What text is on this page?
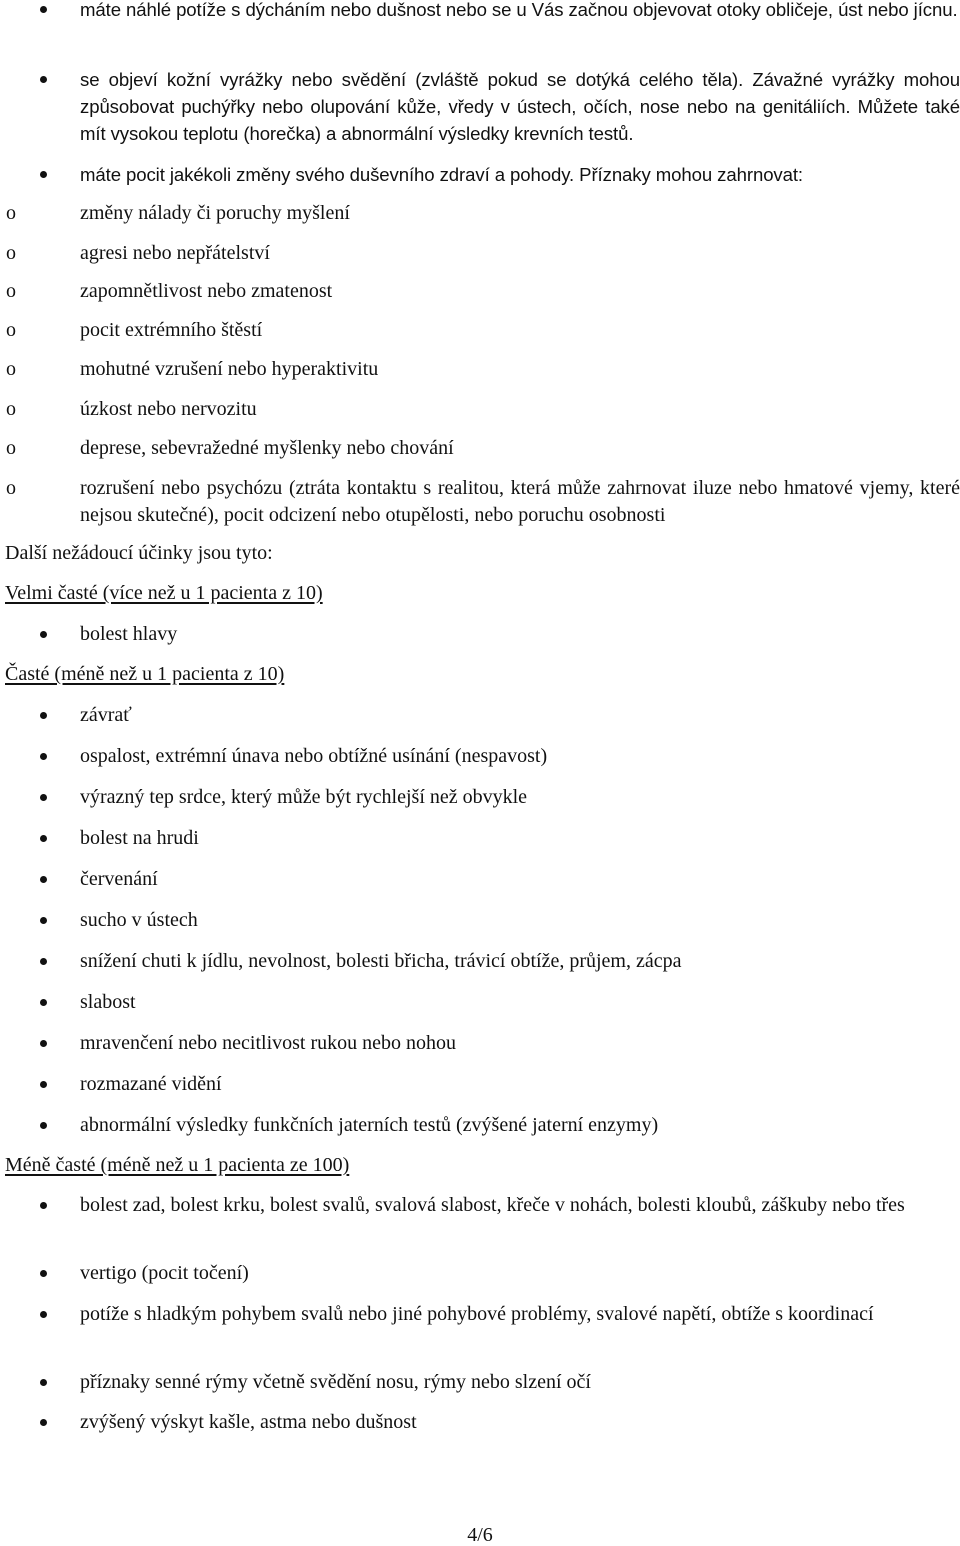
máte náhlé potíže s dýcháním nebo dušnost nebo se u Vás začnou objevovat otoky obličeje, úst nebo jícnu.
se objeví kožní vyrážky nebo svědění (zvláště pokud se dotýká celého těla). Závažné vyrážky mohou způsobovat puchýřky nebo olupování kůže, vředy v ústech, očích, nose nebo na genitáliích. Můžete také mít vysokou teplotu (horečka) a abnormální výsledky krevních testů.
máte pocit jakékoli změny svého duševního zdraví a pohody. Příznaky mohou zahrnovat:
o	změny nálady či poruchy myšlení
o	agresi nebo nepřátelství
o	zapomnětlivost nebo zmatenost
o	pocit extrémního štěstí
o	mohutné vzrušení nebo hyperaktivitu
o	úzkost nebo nervozitu
o	deprese, sebevražedné myšlenky nebo chování
o	rozrušení nebo psychózu (ztráta kontaktu s realitou, která může zahrnovat iluze nebo hmatové vjemy, které nejsou skutečné), pocit odcizení nebo otupělosti, nebo poruchu osobnosti
Další nežádoucí účinky jsou tyto:
Velmi časté (více než u 1 pacienta z 10)
bolest hlavy
Časté (méně než u 1 pacienta z 10)
závrať
ospalost, extrémní únava nebo obtížné usínání (nespavost)
výrazný tep srdce, který může být rychlejší než obvykle
bolest na hrudi
červenání
sucho v ústech
snížení chuti k jídlu, nevolnost, bolesti břicha, trávicí obtíže, průjem, zácpa
slabost
mravenčení nebo necitlivost rukou nebo nohou
rozmazané vidění
abnormální výsledky funkčních jaterních testů (zvýšené jaterní enzymy)
Méně časté (méně než u 1 pacienta ze 100)
bolest zad, bolest krku, bolest svalů, svalová slabost, křeče v nohách, bolesti kloubů, záškuby nebo třes
vertigo (pocit točení)
potíže s hladkým pohybem svalů nebo jiné pohybové problémy, svalové napětí, obtíže s koordinací
příznaky senné rýmy včetně svědění nosu, rýmy nebo slzení očí
zvýšený výskyt kašle, astma nebo dušnost
4/6
